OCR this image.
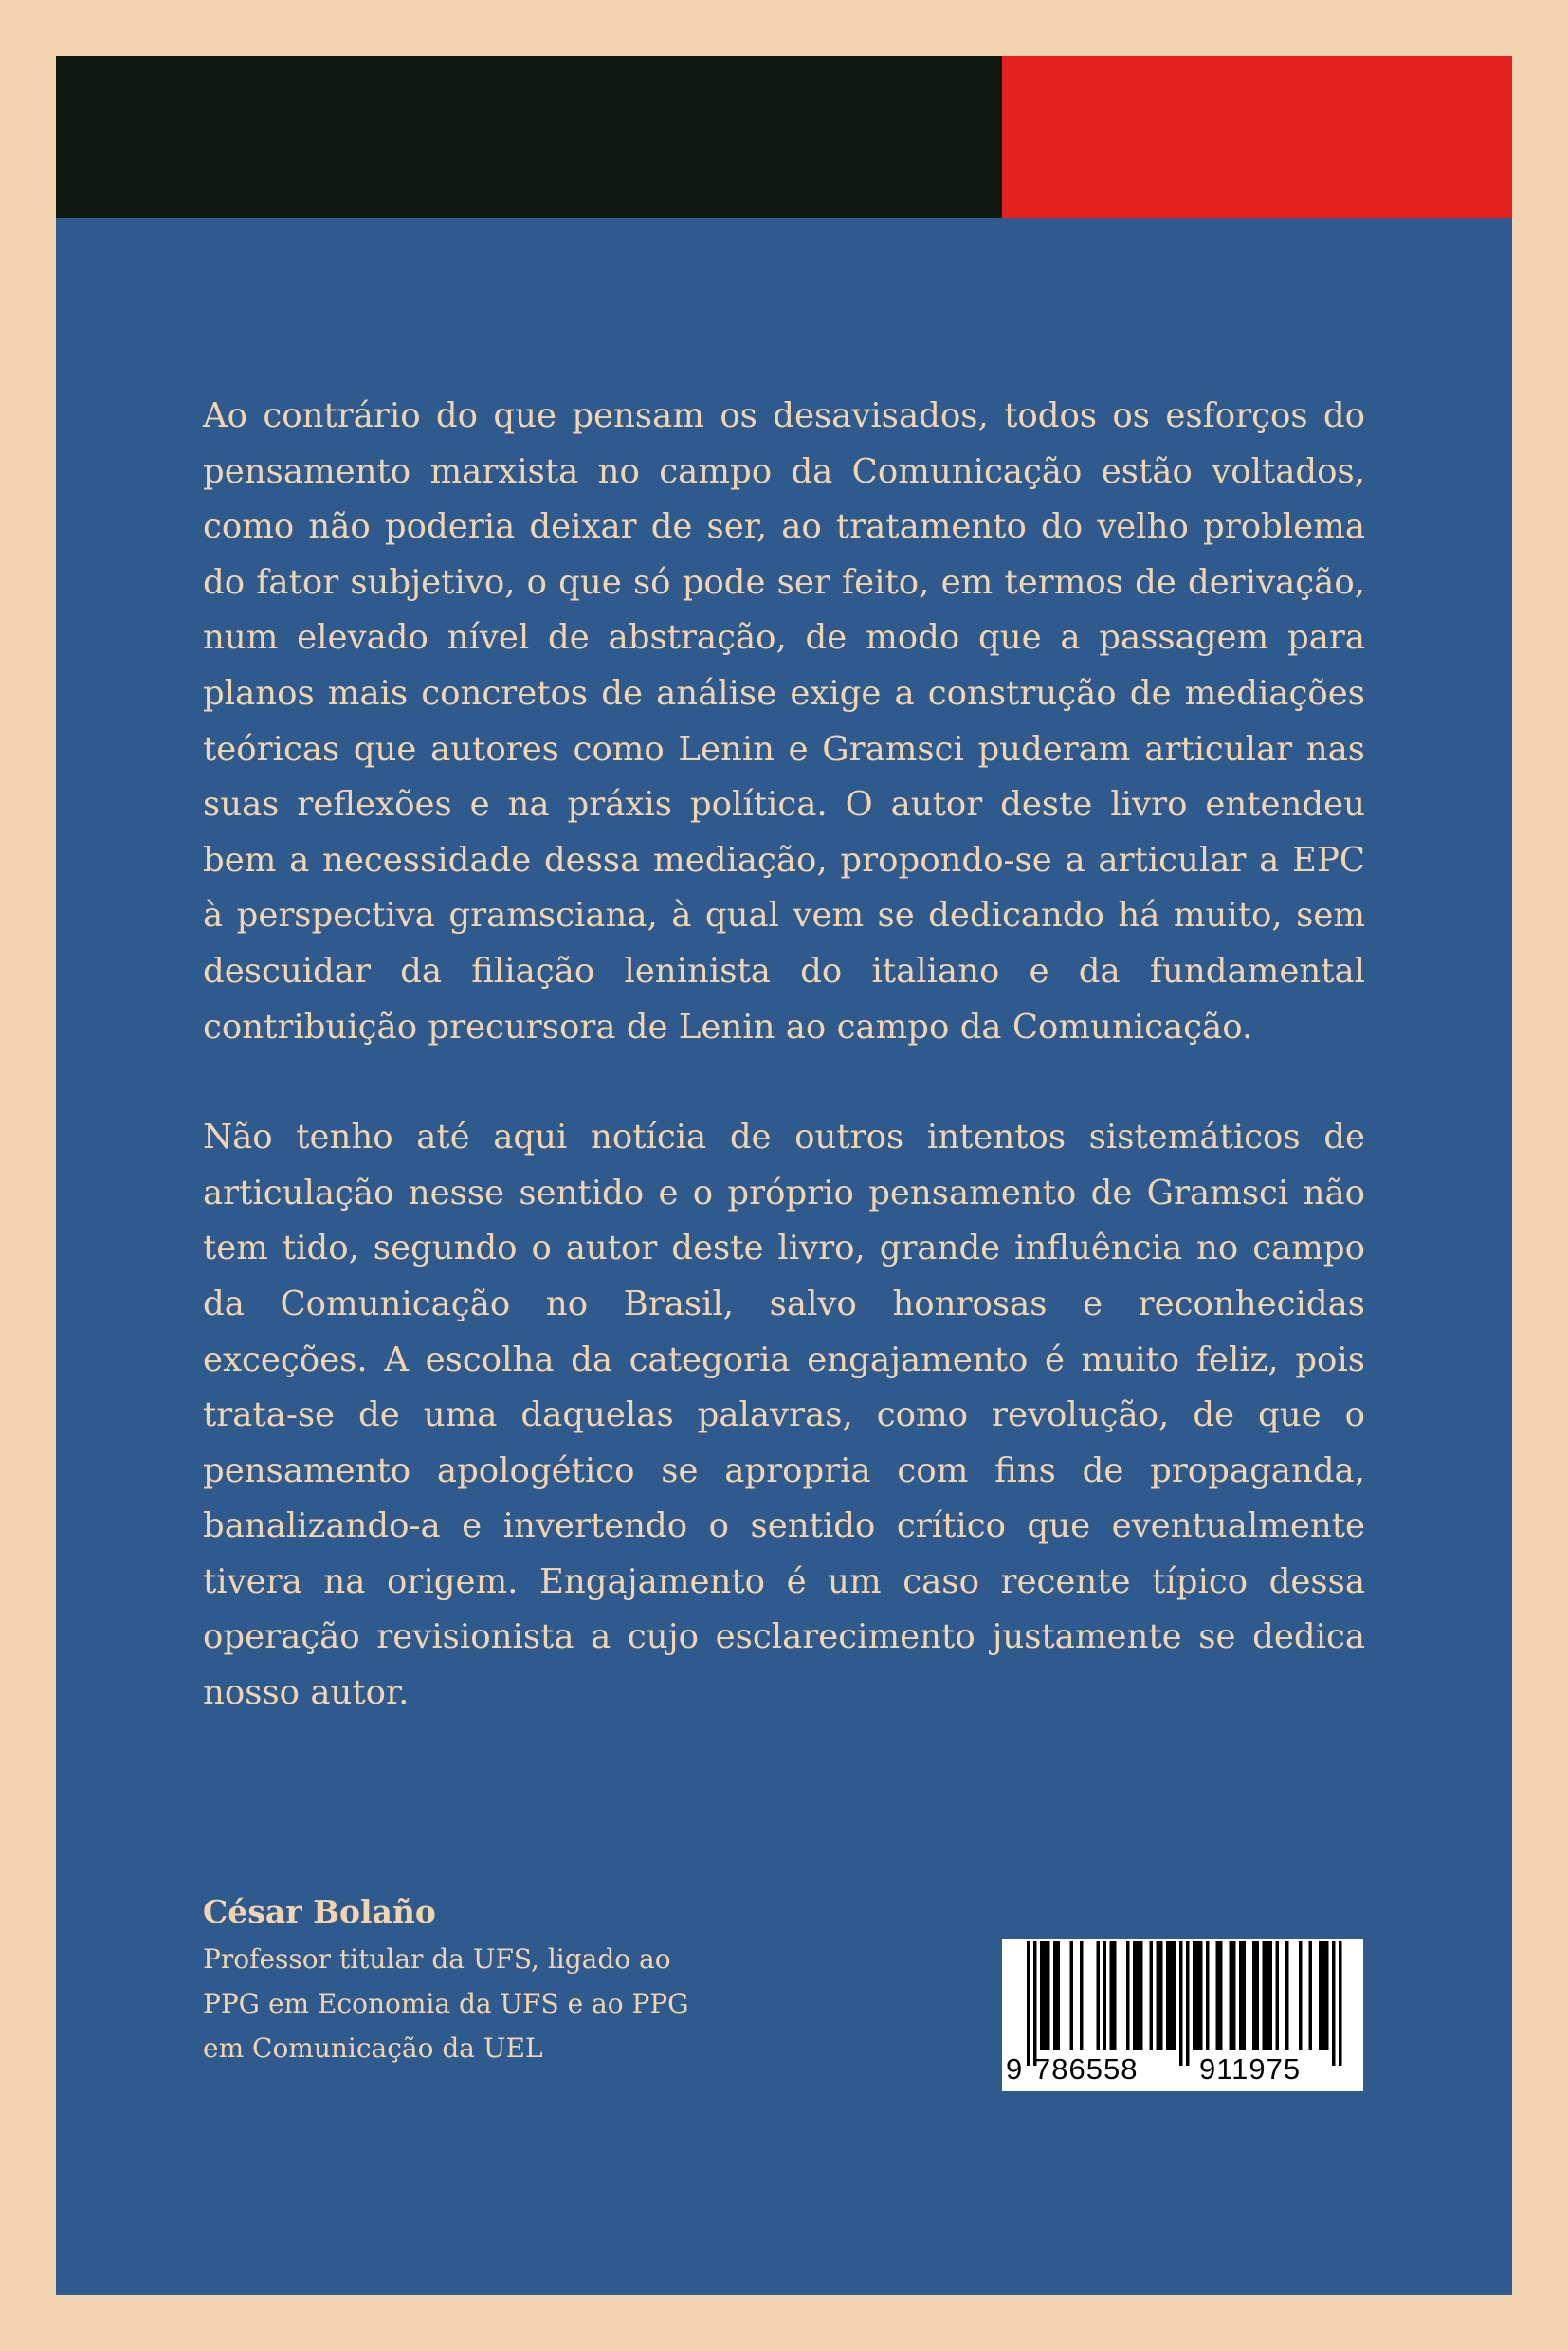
Ao contrário do que pensam os desavisados, todos os esforços do pensamento marxista no campo da Comunicação estão voltados, como não poderia deixar de ser, ao tratamento do velho problema do fator subjetivo, o que só pode ser feito, em termos de derivação, num elevado nível de abstração, de modo que a passagem para planos mais concretos de análise exige a construção de mediações teóricas que autores como Lenin e Gramsci puderam articular nas suas reflexões e na práxis política. O autor deste livro entendeu bem a necessidade dessa mediação, propondo-se a articular a EPC à perspectiva gramsciana, à qual vem se dedicando há muito, sem descuidar da filiação leninista do italiano e da fundamental contribuição precursora de Lenin ao campo da Comunicação.

Não tenho até aqui notícia de outros intentos sistemáticos de articulação nesse sentido e o próprio pensamento de Gramsci não tem tido, segundo o autor deste livro, grande influência no campo da Comunicação no Brasil, salvo honrosas e reconhecidas exceções. A escolha da categoria engajamento é muito feliz, pois trata-se de uma daquelas palavras, como revolução, de que o pensamento apologético se apropria com fins de propaganda, banalizando-a e invertendo o sentido crítico que eventualmente tivera na origem. Engajamento é um caso recente típico dessa operação revisionista a cujo esclarecimento justamente se dedica nosso autor.

César Bolaño
Professor titular da UFS, ligado ao
PPG em Economia da UFS e ao PPG
em Comunicação da UEL
9 786558 911975
